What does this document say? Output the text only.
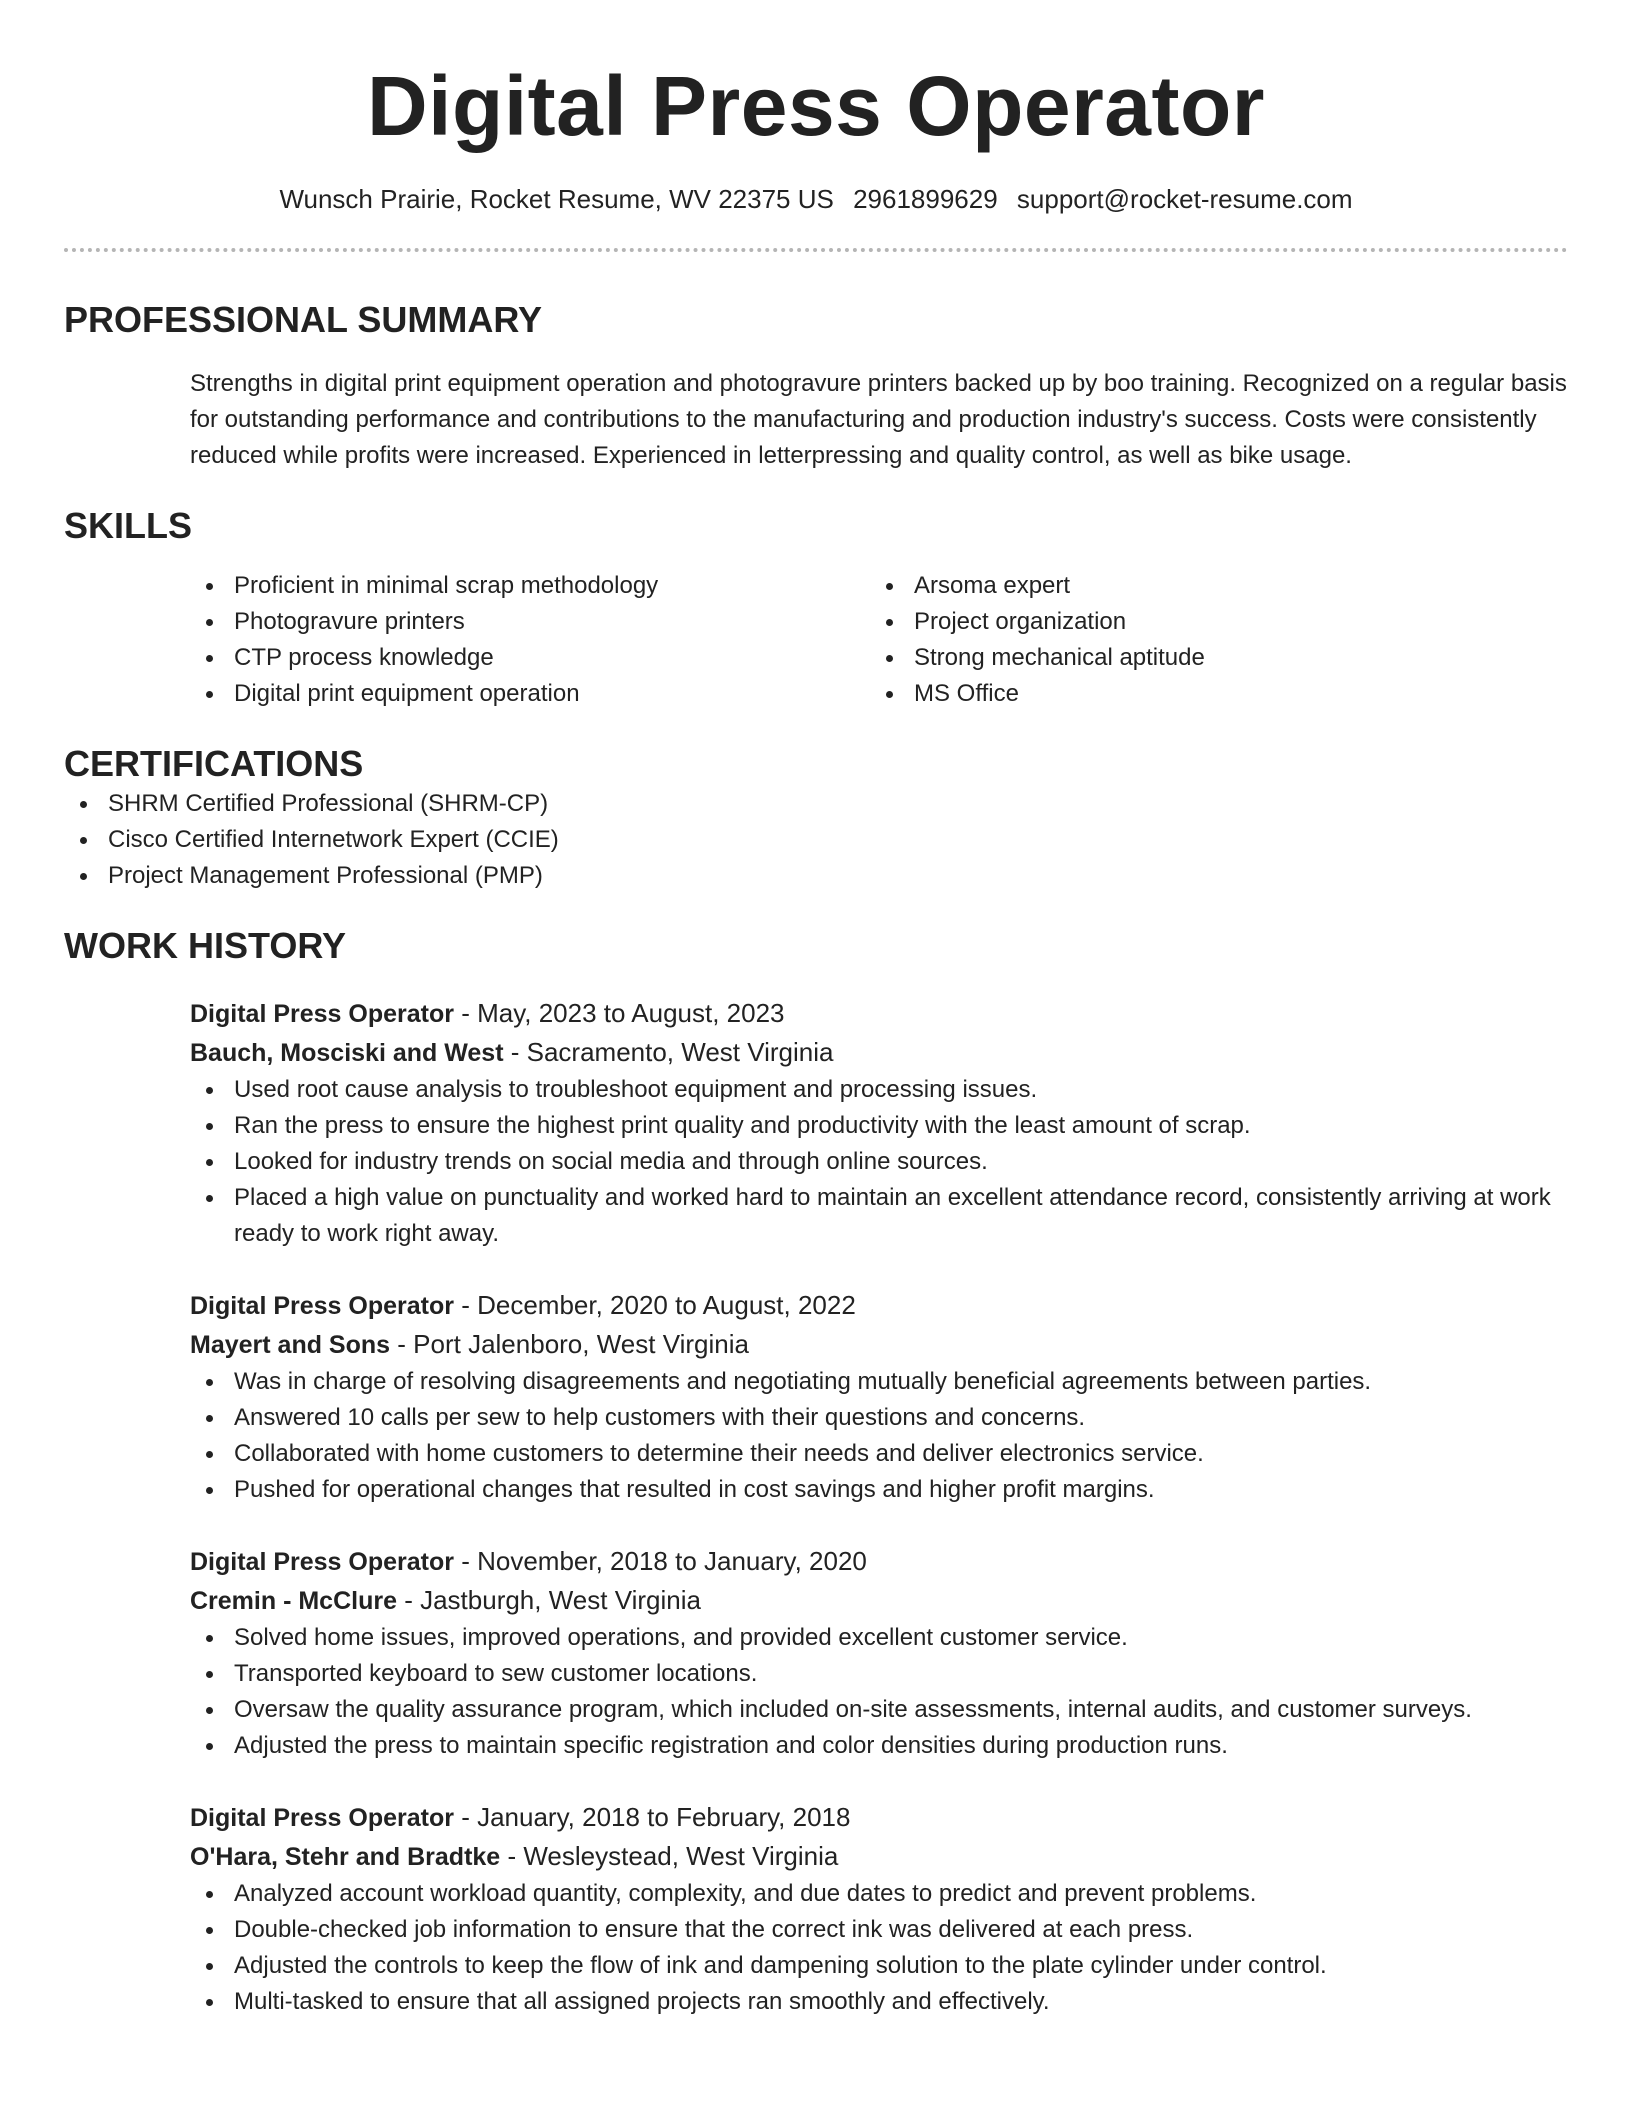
Digital Press Operator
Wunsch Prairie, Rocket Resume, WV 22375 US 2961899629 support@rocket-resume.com
PROFESSIONAL SUMMARY

Strengths in digital print equipment operation and photogravure printers backed up by boo training. Recognized on a regular basis for outstanding performance and contributions to the manufacturing and production industry's success. Costs were consistently reduced while profits were increased. Experienced in letterpressing and quality control, as well as bike usage.

SKILLS
Proficient in minimal scrap methodology
Photogravure printers
CTP process knowledge
Digital print equipment operation
Arsoma expert
Project organization
Strong mechanical aptitude
MS Office
CERTIFICATIONS
SHRM Certified Professional (SHRM-CP)
Cisco Certified Internetwork Expert (CCIE)
Project Management Professional (PMP)
WORK HISTORY
Digital Press Operator - May, 2023 to August, 2023
Bauch, Mosciski and West - Sacramento, West Virginia
Used root cause analysis to troubleshoot equipment and processing issues.
Ran the press to ensure the highest print quality and productivity with the least amount of scrap.
Looked for industry trends on social media and through online sources.
Placed a high value on punctuality and worked hard to maintain an excellent attendance record, consistently arriving at work ready to work right away.
Digital Press Operator - December, 2020 to August, 2022
Mayert and Sons - Port Jalenboro, West Virginia
Was in charge of resolving disagreements and negotiating mutually beneficial agreements between parties.
Answered 10 calls per sew to help customers with their questions and concerns.
Collaborated with home customers to determine their needs and deliver electronics service.
Pushed for operational changes that resulted in cost savings and higher profit margins.
Digital Press Operator - November, 2018 to January, 2020
Cremin - McClure - Jastburgh, West Virginia
Solved home issues, improved operations, and provided excellent customer service.
Transported keyboard to sew customer locations.
Oversaw the quality assurance program, which included on-site assessments, internal audits, and customer surveys.
Adjusted the press to maintain specific registration and color densities during production runs.
Digital Press Operator - January, 2018 to February, 2018
O'Hara, Stehr and Bradtke - Wesleystead, West Virginia
Analyzed account workload quantity, complexity, and due dates to predict and prevent problems.
Double-checked job information to ensure that the correct ink was delivered at each press.
Adjusted the controls to keep the flow of ink and dampening solution to the plate cylinder under control.
Multi-tasked to ensure that all assigned projects ran smoothly and effectively.
